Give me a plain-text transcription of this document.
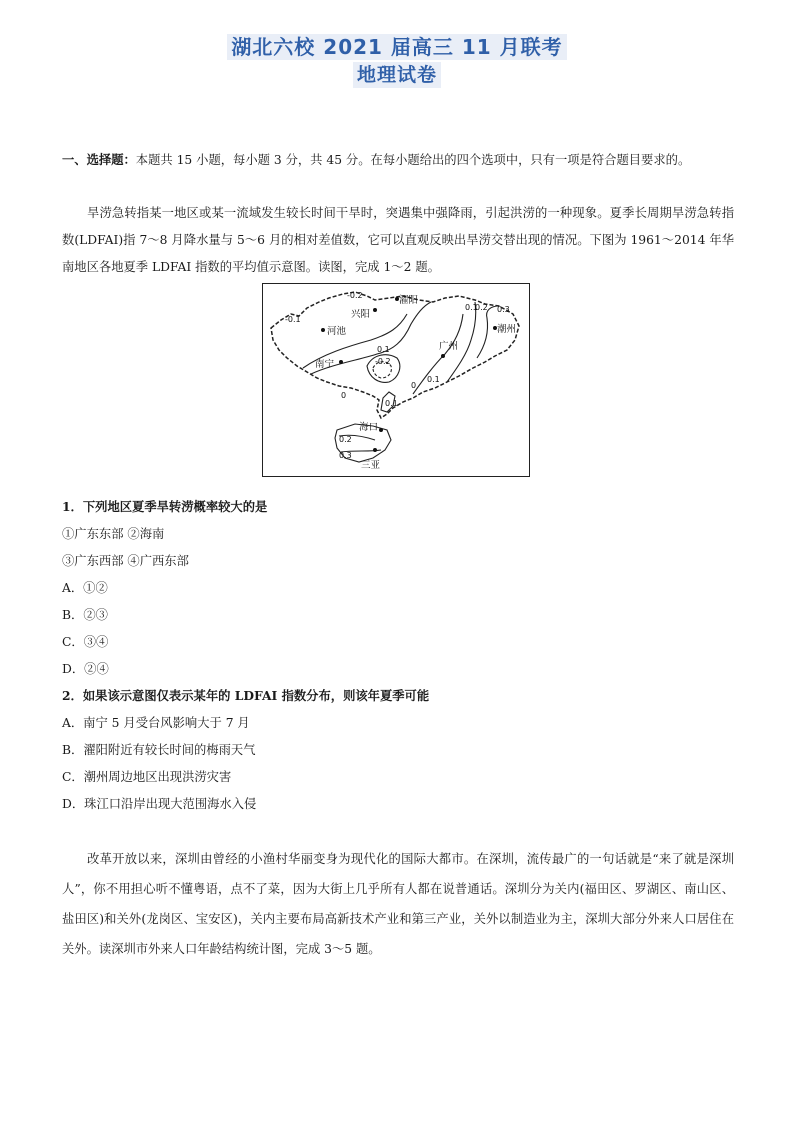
湖北六校 2021 届高三 11 月联考
地理试卷
一、选择题：本题共 15 小题，每小题 3 分，共 45 分。在每小题给出的四个选项中，只有一项是符合题目要求的。
旱涝急转指某一地区或某一流域发生较长时间干旱时，突遇集中强降雨，引起洪涝的一种现象。夏季长周期旱涝急转指数(LDFAI)指 7～8 月降水量与 5～6 月的相对差值数，它可以直观反映出旱涝交替出现的情况。下图为 1961～2014 年华南地区各地夏季 LDFAI 指数的平均值示意图。读图，完成 1～2 题。
濯阳
兴阳
河池
南宁
广州
潮州
海口
三亚
-0.2
-0.1
0.1
0.2 0.3
0.1
-0.2
0
0
0.1
0.1
0.2
0.3
1．下列地区夏季旱转涝概率较大的是
①广东东部 ②海南
③广东西部 ④广西东部
A．①②
B．②③
C．③④
D．②④
2．如果该示意图仅表示某年的 LDFAI 指数分布，则该年夏季可能
A．南宁 5 月受台风影响大于 7 月
B．濯阳附近有较长时间的梅雨天气
C．潮州周边地区出现洪涝灾害
D．珠江口沿岸出现大范围海水入侵
改革开放以来，深圳由曾经的小渔村华丽变身为现代化的国际大都市。在深圳，流传最广的一句话就是“来了就是深圳人”，你不用担心听不懂粤语，点不了菜，因为大街上几乎所有人都在说普通话。深圳分为关内(福田区、罗湖区、南山区、盐田区)和关外(龙岗区、宝安区)，关内主要布局高新技术产业和第三产业，关外以制造业为主，深圳大部分外来人口居住在关外。读深圳市外来人口年龄结构统计图，完成 3～5 题。
